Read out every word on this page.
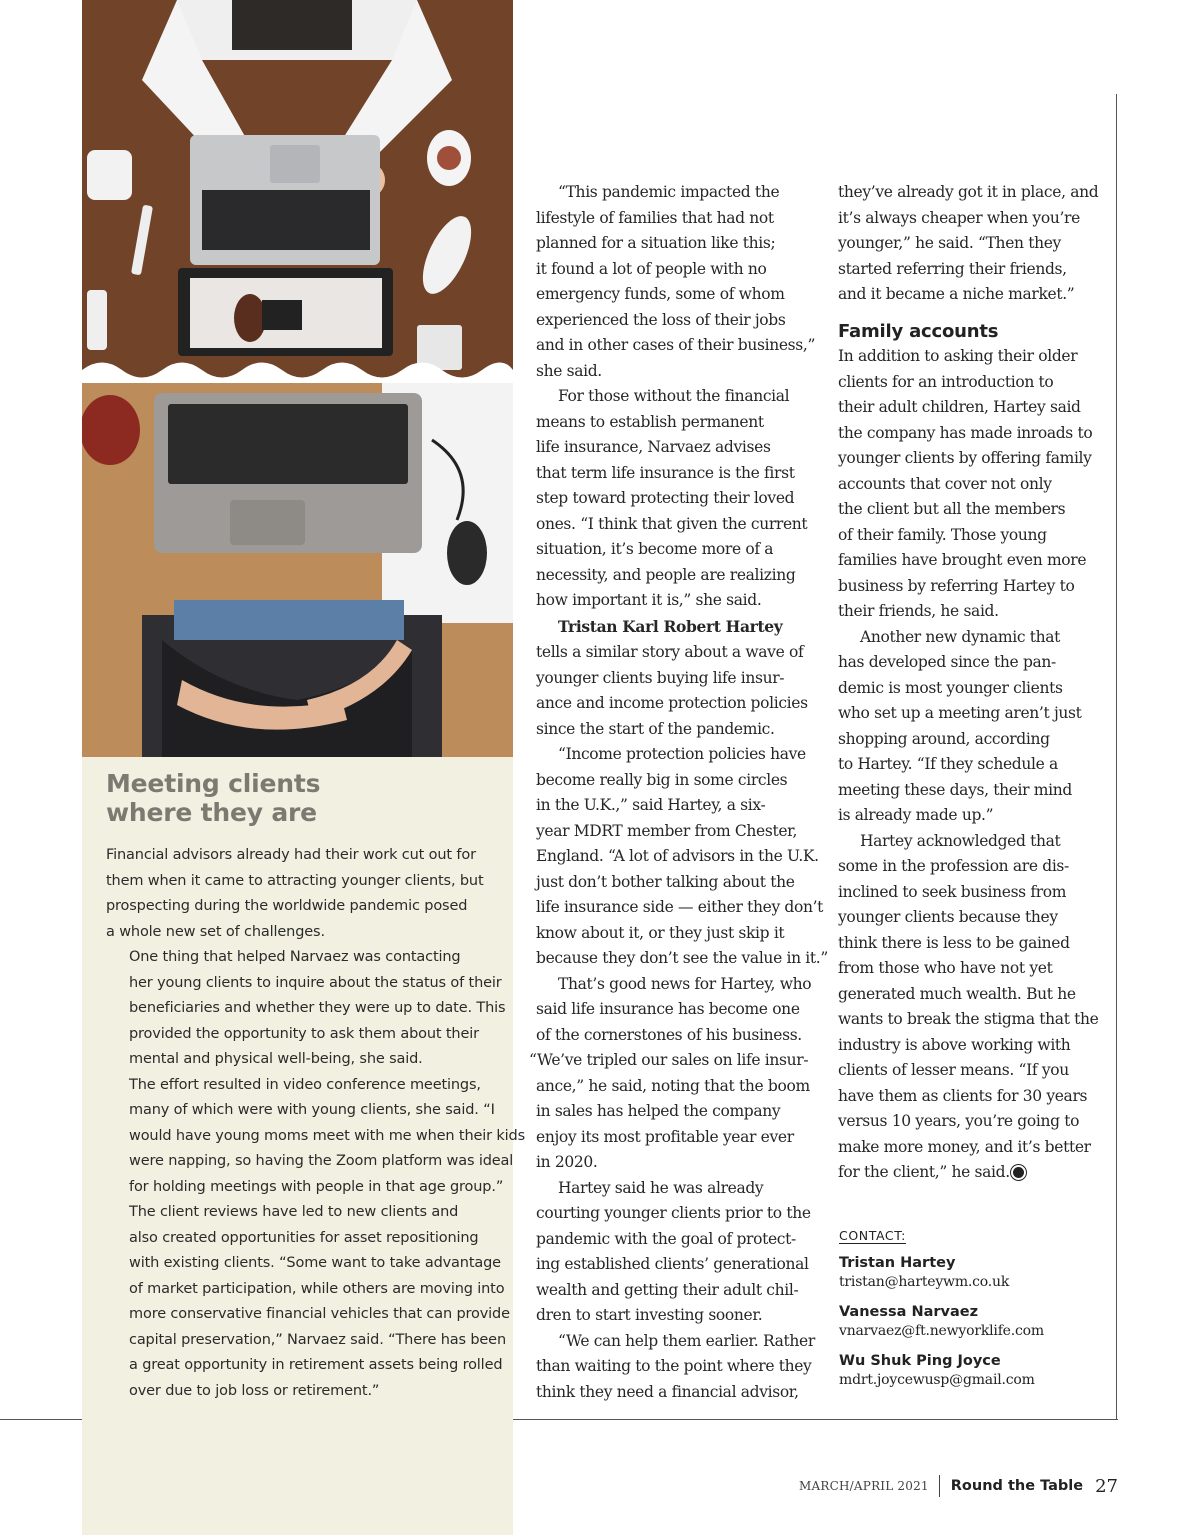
Meeting clients
where they are

Financial advisors already had their work cut out for
them when it came to attracting younger clients, but
prospecting during the worldwide pandemic posed
a whole new set of challenges.

One thing that helped Narvaez was contacting
her young clients to inquire about the status of their
beneficiaries and whether they were up to date. This
provided the opportunity to ask them about their
mental and physical well-being, she said.

The effort resulted in video conference meetings,
many of which were with young clients, she said. “I
would have young moms meet with me when their kids
were napping, so having the Zoom platform was ideal
for holding meetings with people in that age group.”

The client reviews have led to new clients and
also created opportunities for asset repositioning
with existing clients. “Some want to take advantage
of market participation, while others are moving into
more conservative financial vehicles that can provide
capital preservation,” Narvaez said. “There has been
a great opportunity in retirement assets being rolled
over due to job loss or retirement.”

“This pandemic impacted the
lifestyle of families that had not
planned for a situation like this;
it found a lot of people with no
emergency funds, some of whom
experienced the loss of their jobs
and in other cases of their business,”
she said.
For those without the financial
means to establish permanent
life insurance, Narvaez advises
that term life insurance is the first
step toward protecting their loved
ones. “I think that given the current
situation, it’s become more of a
necessity, and people are realizing
how important it is,” she said.
Tristan Karl Robert Hartey
tells a similar story about a wave of
younger clients buying life insur-
ance and income protection policies
since the start of the pandemic.
“Income protection policies have
become really big in some circles
in the U.K.,” said Hartey, a six-
year MDRT member from Chester,
England. “A lot of advisors in the U.K.
just don’t bother talking about the
life insurance side — either they don’t
know about it, or they just skip it
because they don’t see the value in it.”
That’s good news for Hartey, who
said life insurance has become one
of the cornerstones of his business.
“We’ve tripled our sales on life insur-
ance,” he said, noting that the boom
in sales has helped the company
enjoy its most profitable year ever
in 2020.
Hartey said he was already
courting younger clients prior to the
pandemic with the goal of protect-
ing established clients’ generational
wealth and getting their adult chil-
dren to start investing sooner.
“We can help them earlier. Rather
than waiting to the point where they
think they need a financial advisor,
they’ve already got it in place, and
it’s always cheaper when you’re
younger,” he said. “Then they
started referring their friends,
and it became a niche market.”
Family accounts
In addition to asking their older
clients for an introduction to
their adult children, Hartey said
the company has made inroads to
younger clients by offering family
accounts that cover not only
the client but all the members
of their family. Those young
families have brought even more
business by referring Hartey to
their friends, he said.
Another new dynamic that
has developed since the pan-
demic is most younger clients
who set up a meeting aren’t just
shopping around, according
to Hartey. “If they schedule a
meeting these days, their mind
is already made up.”
Hartey acknowledged that
some in the profession are dis-
inclined to seek business from
younger clients because they
think there is less to be gained
from those who have not yet
generated much wealth. But he
wants to break the stigma that the
industry is above working with
clients of lesser means. “If you
have them as clients for 30 years
versus 10 years, you’re going to
make more money, and it’s better
for the client,” he said.
CONTACT:
Tristan Hartey
tristan@harteywm.co.uk
Vanessa Narvaez
vnarvaez@ft.newyorklife.com
Wu Shuk Ping Joyce
mdrt.joycewusp@gmail.com
MARCH/APRIL 2021 Round the Table 27
